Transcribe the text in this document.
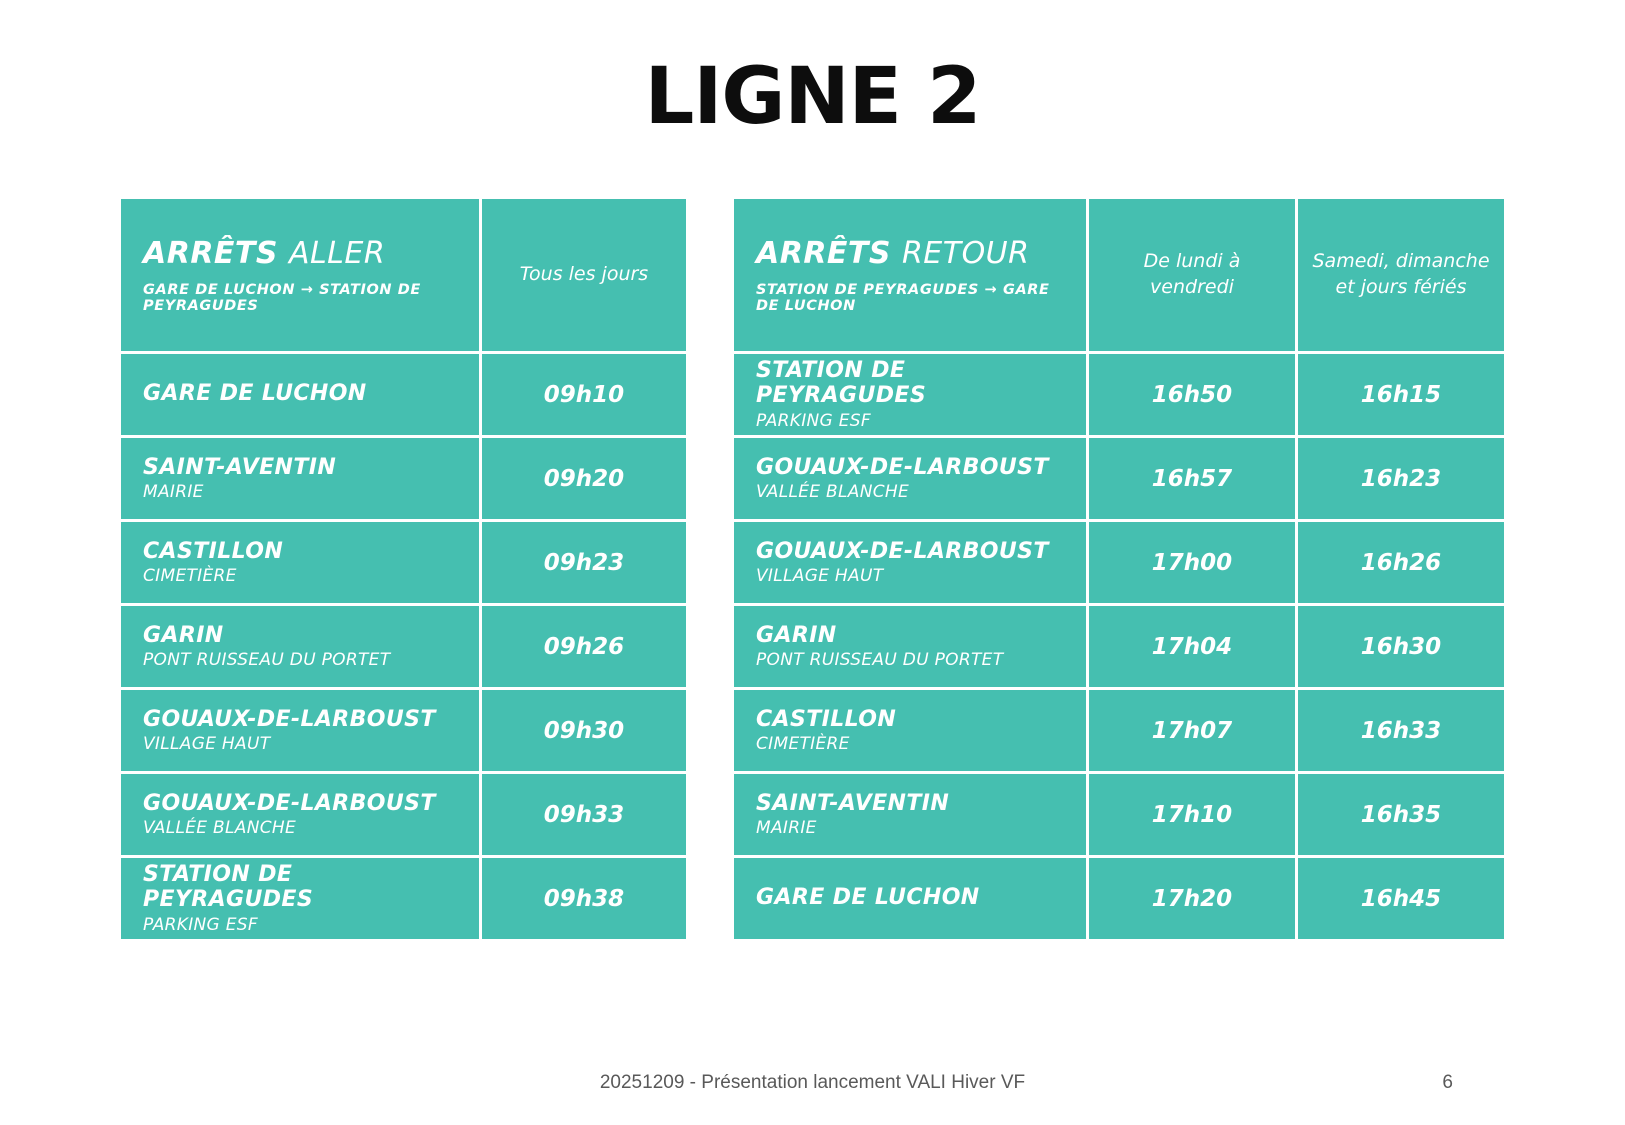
LIGNE 2
ARRÊTS ALLER
GARE DE LUCHON → STATION DE PEYRAGUDES	Tous les jours

GARE DE LUCHON	09h10

SAINT-AVENTIN
MAIRIE	09h20

CASTILLON
CIMETIÈRE	09h23

GARIN
PONT RUISSEAU DU PORTET	09h26

GOUAUX-DE-LARBOUST
VILLAGE HAUT	09h30

GOUAUX-DE-LARBOUST
VALLÉE BLANCHE	09h33

STATION DE PEYRAGUDES
PARKING ESF	09h38
ARRÊTS RETOUR
STATION DE PEYRAGUDES → GARE DE LUCHON	De lundi à vendredi	Samedi, dimanche et jours fériés

STATION DE PEYRAGUDES
PARKING ESF	16h50	16h15

GOUAUX-DE-LARBOUST
VALLÉE BLANCHE	16h57	16h23

GOUAUX-DE-LARBOUST
VILLAGE HAUT	17h00	16h26

GARIN
PONT RUISSEAU DU PORTET	17h04	16h30

CASTILLON
CIMETIÈRE	17h07	16h33

SAINT-AVENTIN
MAIRIE	17h10	16h35

GARE DE LUCHON	17h20	16h45
20251209 - Présentation lancement VALI Hiver VF	6
